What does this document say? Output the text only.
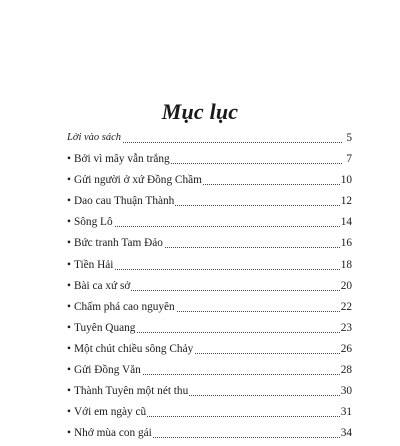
Mục lục
Lời vào sách	5
• Bởi vì mây vẫn trắng	7
• Gửi người ở xứ Đồng Chầm	10
• Dao cau Thuận Thành	12
• Sông Lô	14
• Bức tranh Tam Đảo	16
• Tiền Hải	18
• Bài ca xứ sở	20
• Chấm phá cao nguyên	22
• Tuyên Quang	23
• Một chút chiều sông Chảy	26
• Gửi Đồng Văn	28
• Thành Tuyên một nét thu	30
• Với em ngày cũ	31
• Nhớ mùa con gái	34
